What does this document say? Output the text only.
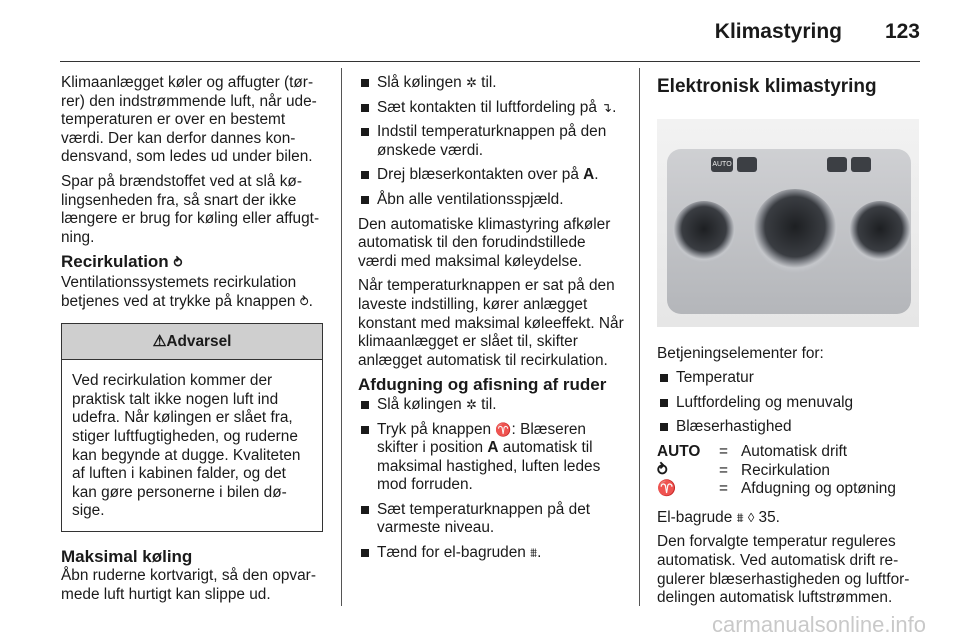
Klimastyring 123

Klimaanlægget køler og affugter (tørrer) den indstrømmende luft, når udetemperaturen er over en bestemt værdi. Der kan derfor dannes kondensvand, som ledes ud under bilen.

Spar på brændstoffet ved at slå kølingsenheden fra, så snart der ikke længere er brug for køling eller affugtning.

Recirkulation ⥁

Ventilationssystemets recirkulation betjenes ved at trykke på knappen ⥁.

⚠Advarsel
Ved recirkulation kommer der praktisk talt ikke nogen luft ind udefra. Når kølingen er slået fra, stiger luftfugtigheden, og ruderne kan begynde at dugge. Kvaliteten af luften i kabinen falder, og det kan gøre personerne i bilen døsige.
Maksimal køling

Åbn ruderne kortvarigt, så den opvarmede luft hurtigt kan slippe ud.

Slå kølingen ✲ til.
Sæt kontakten til luftfordeling på ↴.
Indstil temperaturknappen på den ønskede værdi.
Drej blæserkontakten over på A.
Åbn alle ventilationsspjæld.

Den automatiske klimastyring afkøler automatisk til den forudindstillede værdi med maksimal køleydelse.

Når temperaturknappen er sat på den laveste indstilling, kører anlægget konstant med maksimal køleeffekt. Når klimaanlægget er slået til, skifter anlægget automatisk til recirkulation.

Afdugning og afisning af ruder
Slå kølingen ✲ til.
Tryk på knappen ♈: Blæseren skifter i position A automatisk til maksimal hastighed, luften ledes mod forruden.
Sæt temperaturknappen på det varmeste niveau.
Tænd for el-bagruden ⩩.
Elektronisk klimastyring
AUTO

Betjeningselementer for:

Temperatur
Luftfordeling og menuvalg
Blæserhastighed
AUTO	= Automatisk drift
⥁	= Recirkulation
♈	= Afdugning og optøning

El-bagrude ⩩ ◊ 35.

Den forvalgte temperatur reguleres automatisk. Ved automatisk drift regulerer blæserhastigheden og luftfordelingen automatisk luftstrømmen.

carmanualsonline.info
